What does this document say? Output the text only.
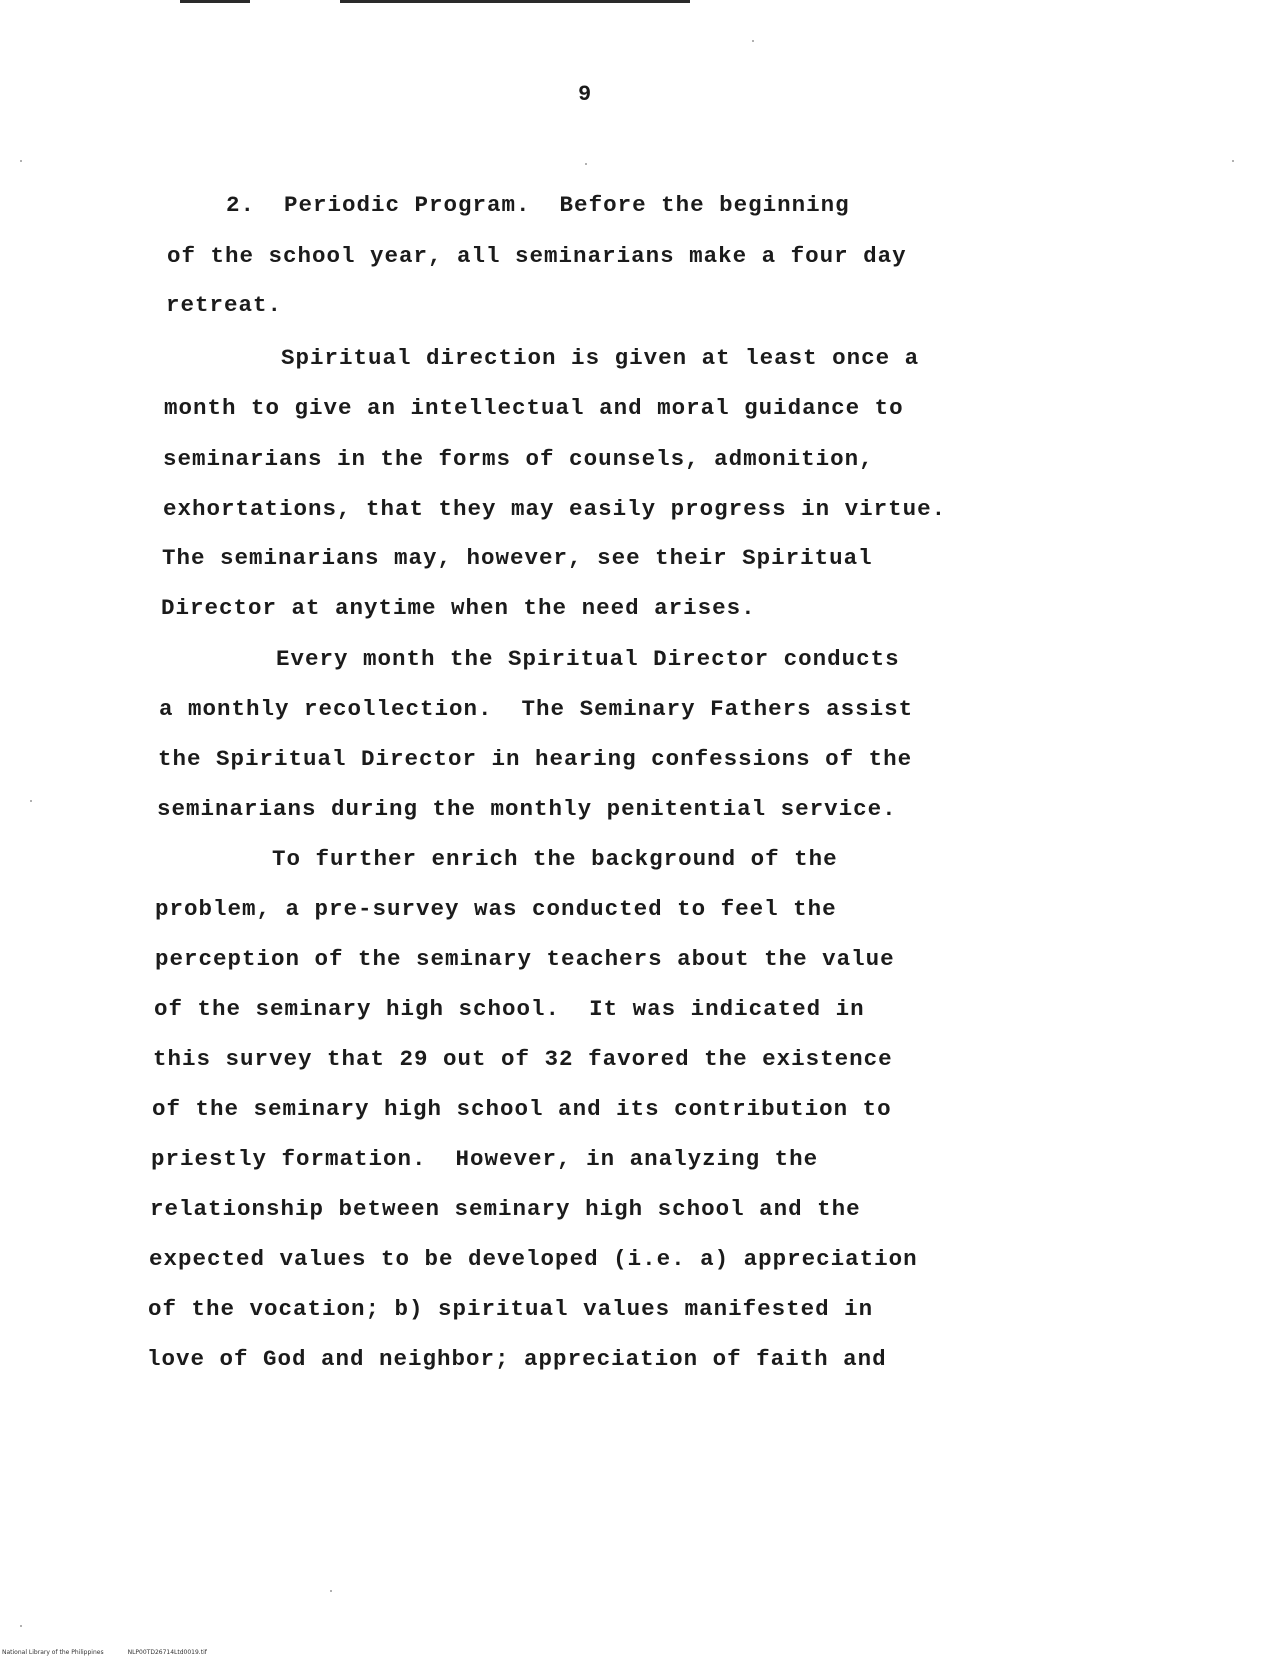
9
2.  Periodic Program.  Before the beginning
of the school year, all seminarians make a four day
retreat.
Spiritual direction is given at least once a
month to give an intellectual and moral guidance to
seminarians in the forms of counsels, admonition,
exhortations, that they may easily progress in virtue.
The seminarians may, however, see their Spiritual
Director at anytime when the need arises.
Every month the Spiritual Director conducts
a monthly recollection.  The Seminary Fathers assist
the Spiritual Director in hearing confessions of the
seminarians during the monthly penitential service.
To further enrich the background of the
problem, a pre-survey was conducted to feel the
perception of the seminary teachers about the value
of the seminary high school.  It was indicated in
this survey that 29 out of 32 favored the existence
of the seminary high school and its contribution to
priestly formation.  However, in analyzing the
relationship between seminary high school and the
expected values to be developed (i.e. a) appreciation
of the vocation; b) spiritual values manifested in
love of God and neighbor; appreciation of faith and
National Library of the Philippines	NLP00TD26714Ltd0019.tif
